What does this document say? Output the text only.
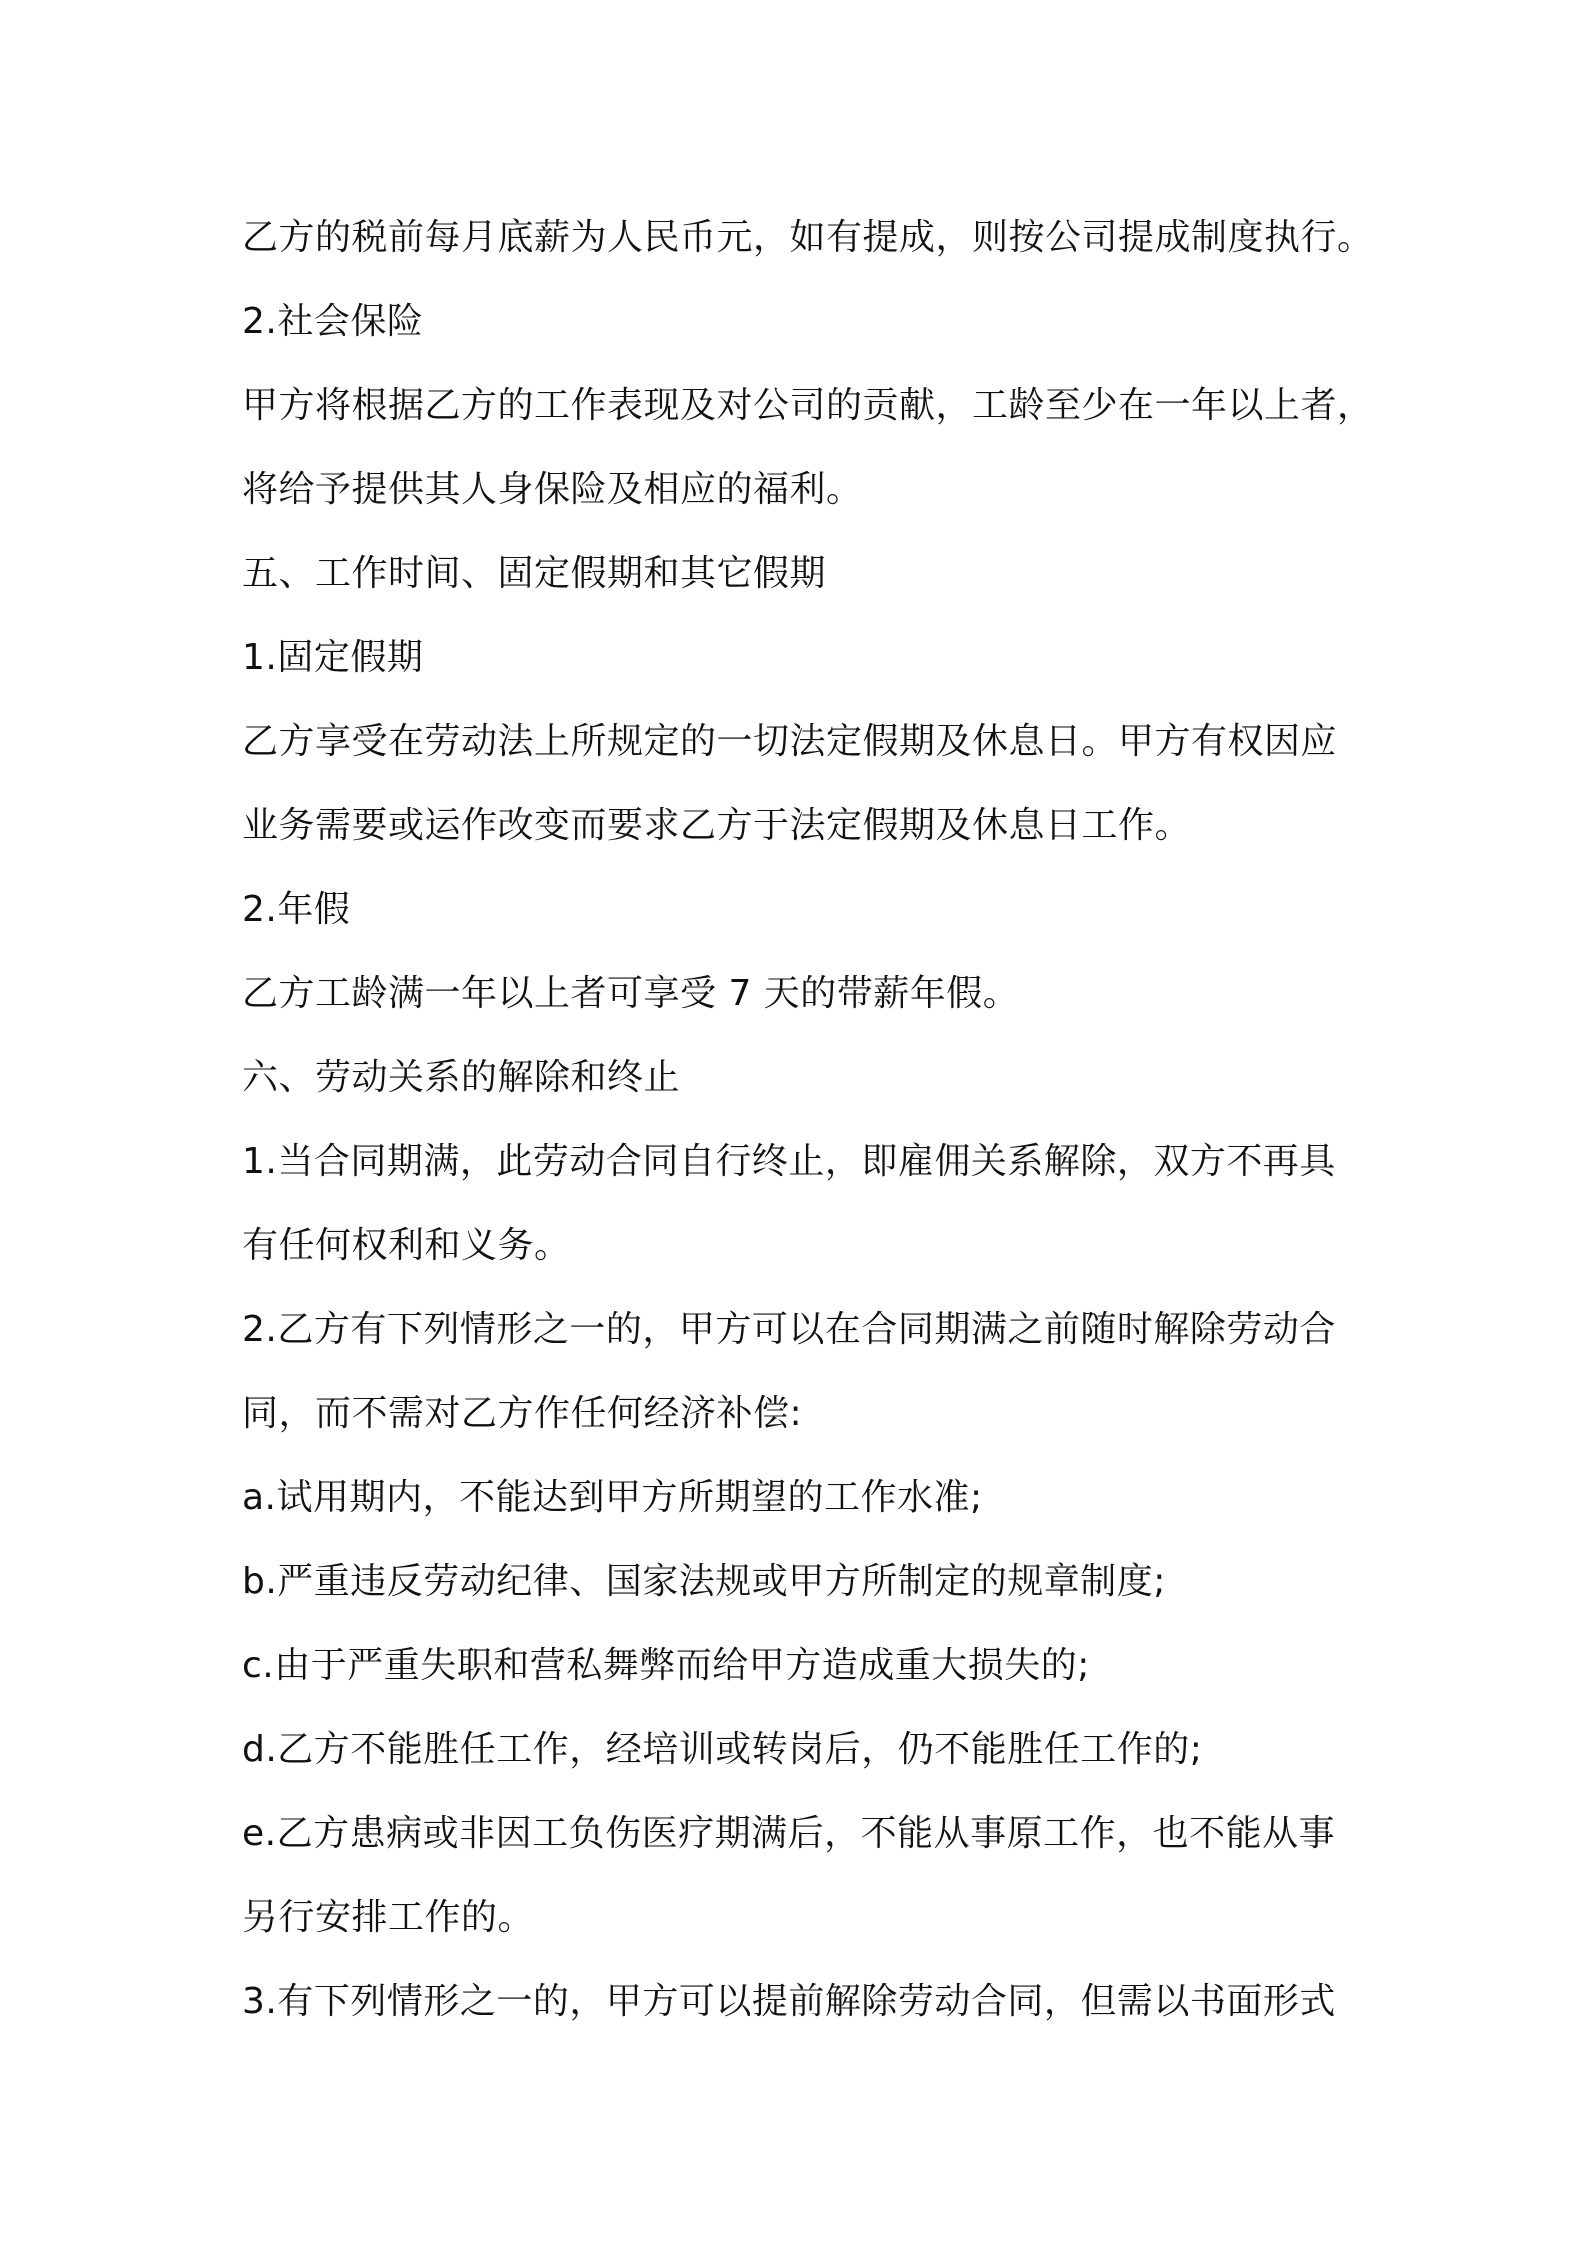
乙方的税前每月底薪为人民币元，如有提成，则按公司提成制度执行。
2.社会保险
甲方将根据乙方的工作表现及对公司的贡献，工龄至少在一年以上者，
将给予提供其人身保险及相应的福利。
五、工作时间、固定假期和其它假期
1.固定假期
乙方享受在劳动法上所规定的一切法定假期及休息日。甲方有权因应
业务需要或运作改变而要求乙方于法定假期及休息日工作。
2.年假
乙方工龄满一年以上者可享受 7 天的带薪年假。
六、劳动关系的解除和终止
1.当合同期满，此劳动合同自行终止，即雇佣关系解除，双方不再具
有任何权利和义务。
2.乙方有下列情形之一的，甲方可以在合同期满之前随时解除劳动合
同，而不需对乙方作任何经济补偿:
a.试用期内，不能达到甲方所期望的工作水准;
b.严重违反劳动纪律、国家法规或甲方所制定的规章制度;
c.由于严重失职和营私舞弊而给甲方造成重大损失的;
d.乙方不能胜任工作，经培训或转岗后，仍不能胜任工作的;
e.乙方患病或非因工负伤医疗期满后，不能从事原工作，也不能从事
另行安排工作的。
3.有下列情形之一的，甲方可以提前解除劳动合同，但需以书面形式
